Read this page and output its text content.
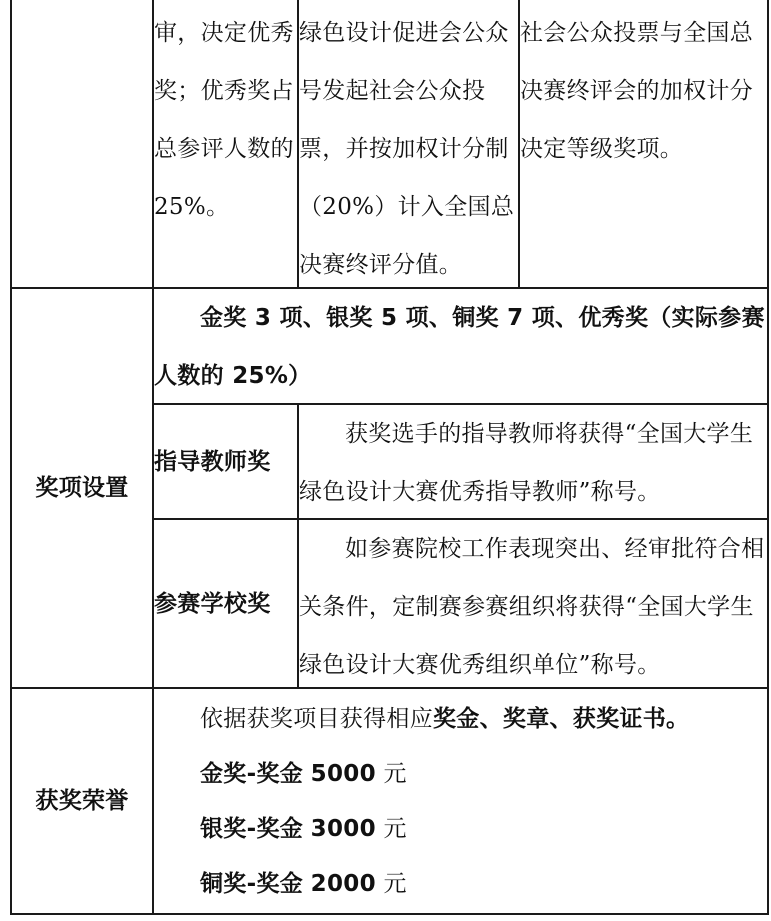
审，决定优秀奖；优秀奖占总参评人数的 25%。

绿色设计促进会公众号发起社会公众投票，并按加权计分制（20%）计入全国总决赛终评分值。

社会公众投票与全国总决赛终评会的加权计分决定等级奖项。

奖项设置

金奖 3 项、银奖 5 项、铜奖 7 项、优秀奖（实际参赛人数的 25%）

指导教师奖

获奖选手的指导教师将获得“全国大学生绿色设计大赛优秀指导教师”称号。

参赛学校奖

如参赛院校工作表现突出、经审批符合相关条件，定制赛参赛组织将获得“全国大学生绿色设计大赛优秀组织单位”称号。

获奖荣誉

依据获奖项目获得相应奖金、奖章、获奖证书。

金奖-奖金 5000 元

银奖-奖金 3000 元

铜奖-奖金 2000 元
